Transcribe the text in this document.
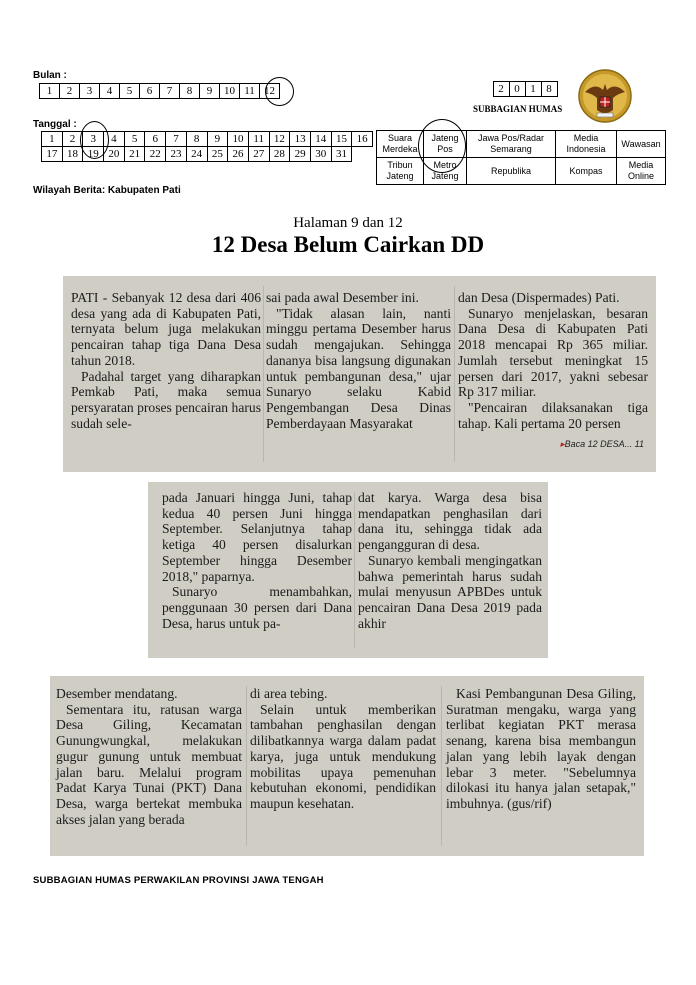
Bulan :
1	2	3	4	5	6	7	8	9	10	11	12
Tanggal :
1	2	3	4	5	6	7	8	9	10	11	12	13	14	15	16
17	18	19	20	21	22	23	24	25	26	27	28	29	30	31	
Wilayah Berita: Kabupaten Pati
2	0	1	8
SUBBAGIAN HUMAS
Suara Merdeka	Jateng Pos	Jawa Pos/Radar Semarang	Media Indonesia	Wawasan
Tribun Jateng	Metro Jateng	Republika	Kompas	Media Online
Halaman 9 dan 12
12 Desa Belum Cairkan DD

PATI - Sebanyak 12 desa dari 406 desa yang ada di Kabupaten Pati, ternyata belum juga melakukan pencairan tahap tiga Dana Desa tahun 2018.

Padahal target yang diharapkan Pemkab Pati, maka semua persyaratan proses pencairan harus sudah sele-

sai pada awal Desember ini.

"Tidak alasan lain, nanti minggu pertama Desember harus sudah mengajukan. Sehingga dananya bisa langsung digunakan untuk pembangunan desa," ujar Sunaryo selaku Kabid Pengembangan Desa Dinas Pemberdayaan Masyarakat

dan Desa (Dispermades) Pati.

Sunaryo menjelaskan, besaran Dana Desa di Kabupaten Pati 2018 mencapai Rp 365 miliar. Jumlah tersebut meningkat 15 persen dari 2017, yakni sebesar Rp 317 miliar.

"Pencairan dilaksanakan tiga tahap. Kali pertama 20 persen

▸Baca 12 DESA... 11

pada Januari hingga Juni, tahap kedua 40 persen Juni hingga September. Selanjutnya tahap ketiga 40 persen disalurkan September hingga Desember 2018," paparnya.

Sunaryo menambahkan, penggunaan 30 persen dari Dana Desa, harus untuk pa-

dat karya. Warga desa bisa mendapatkan penghasilan dari dana itu, sehingga tidak ada pengangguran di desa.

Sunaryo kembali mengingatkan bahwa pemerintah harus sudah mulai menyusun APBDes untuk pencairan Dana Desa 2019 pada akhir

Desember mendatang.

Sementara itu, ratusan warga Desa Giling, Kecamatan Gunungwungkal, melakukan gugur gunung untuk membuat jalan baru. Melalui program Padat Karya Tunai (PKT) Dana Desa, warga bertekat membuka akses jalan yang berada

di area tebing.

Selain untuk memberikan tambahan penghasilan dengan dilibatkannya warga dalam padat karya, juga untuk mendukung mobilitas upaya pemenuhan kebutuhan ekonomi, pendidikan maupun kesehatan.

Kasi Pembangunan Desa Giling, Suratman mengaku, warga yang terlibat kegiatan PKT merasa senang, karena bisa membangun jalan yang lebih layak dengan lebar 3 meter. "Sebelumnya dilokasi itu hanya jalan setapak," imbuhnya. (gus/rif)

SUBBAGIAN HUMAS PERWAKILAN PROVINSI JAWA TENGAH
